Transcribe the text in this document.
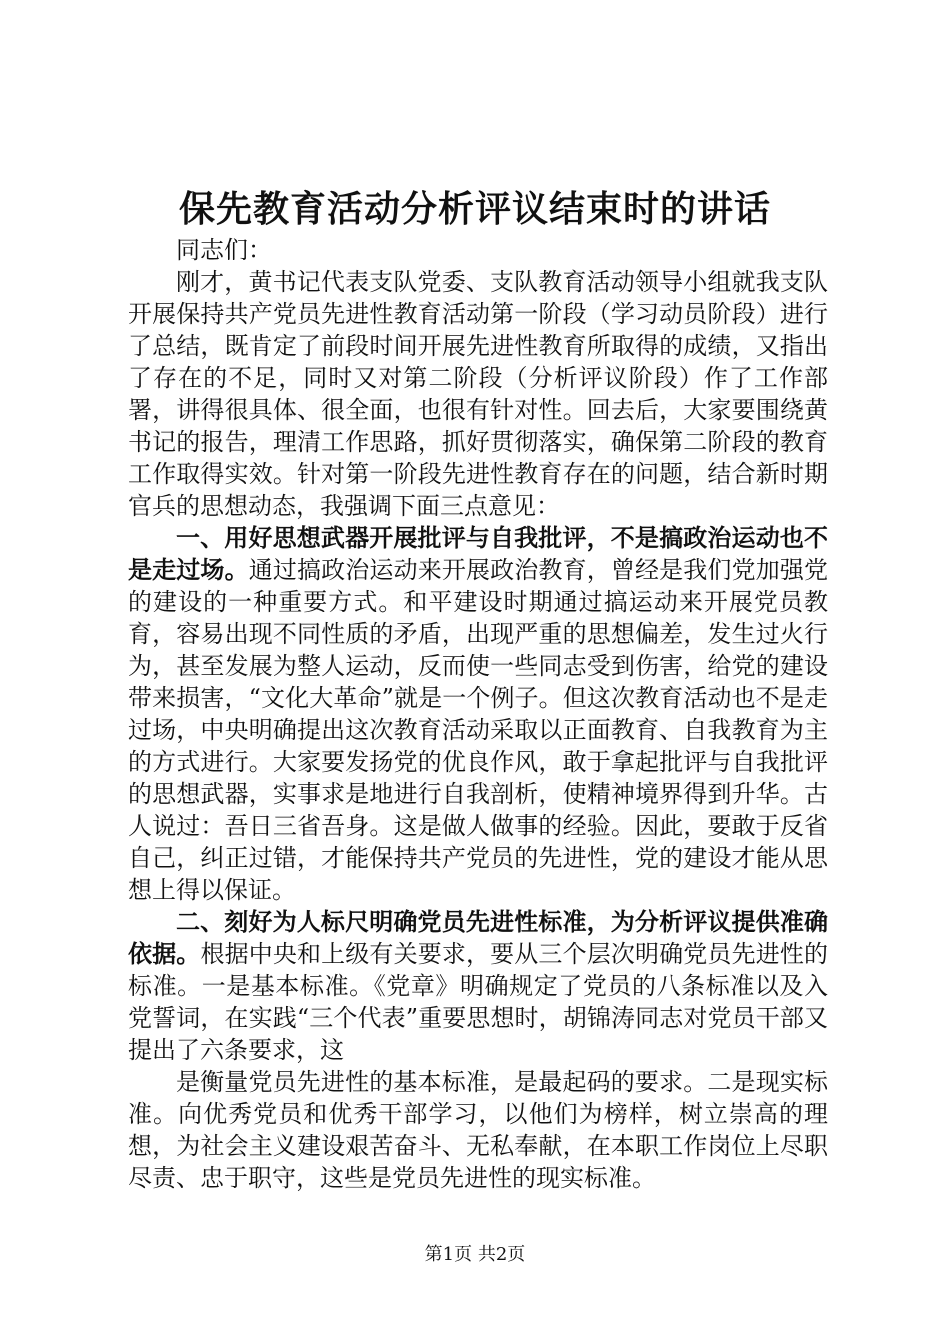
保先教育活动分析评议结束时的讲话

同志们：

刚才，黄书记代表支队党委、支队教育活动领导小组就我支队开展保持共产党员先进性教育活动第一阶段（学习动员阶段）进行了总结，既肯定了前段时间开展先进性教育所取得的成绩，又指出了存在的不足，同时又对第二阶段（分析评议阶段）作了工作部署，讲得很具体、很全面，也很有针对性。回去后，大家要围绕黄书记的报告，理清工作思路，抓好贯彻落实，确保第二阶段的教育工作取得实效。针对第一阶段先进性教育存在的问题，结合新时期官兵的思想动态，我强调下面三点意见：

一、用好思想武器开展批评与自我批评，不是搞政治运动也不是走过场。通过搞政治运动来开展政治教育，曾经是我们党加强党的建设的一种重要方式。和平建设时期通过搞运动来开展党员教育，容易出现不同性质的矛盾，出现严重的思想偏差，发生过火行为，甚至发展为整人运动，反而使一些同志受到伤害，给党的建设带来损害，“文化大革命”就是一个例子。但这次教育活动也不是走过场，中央明确提出这次教育活动采取以正面教育、自我教育为主的方式进行。大家要发扬党的优良作风，敢于拿起批评与自我批评的思想武器，实事求是地进行自我剖析，使精神境界得到升华。古人说过：吾日三省吾身。这是做人做事的经验。因此，要敢于反省自己，纠正过错，才能保持共产党员的先进性，党的建设才能从思想上得以保证。

二、刻好为人标尺明确党员先进性标准，为分析评议提供准确依据。根据中央和上级有关要求，要从三个层次明确党员先进性的标准。一是基本标准。《党章》明确规定了党员的八条标准以及入党誓词，在实践“三个代表”重要思想时，胡锦涛同志对党员干部又提出了六条要求，这

是衡量党员先进性的基本标准，是最起码的要求。二是现实标准。向优秀党员和优秀干部学习，以他们为榜样，树立崇高的理想，为社会主义建设艰苦奋斗、无私奉献，在本职工作岗位上尽职尽责、忠于职守，这些是党员先进性的现实标准。

第1页 共2页
